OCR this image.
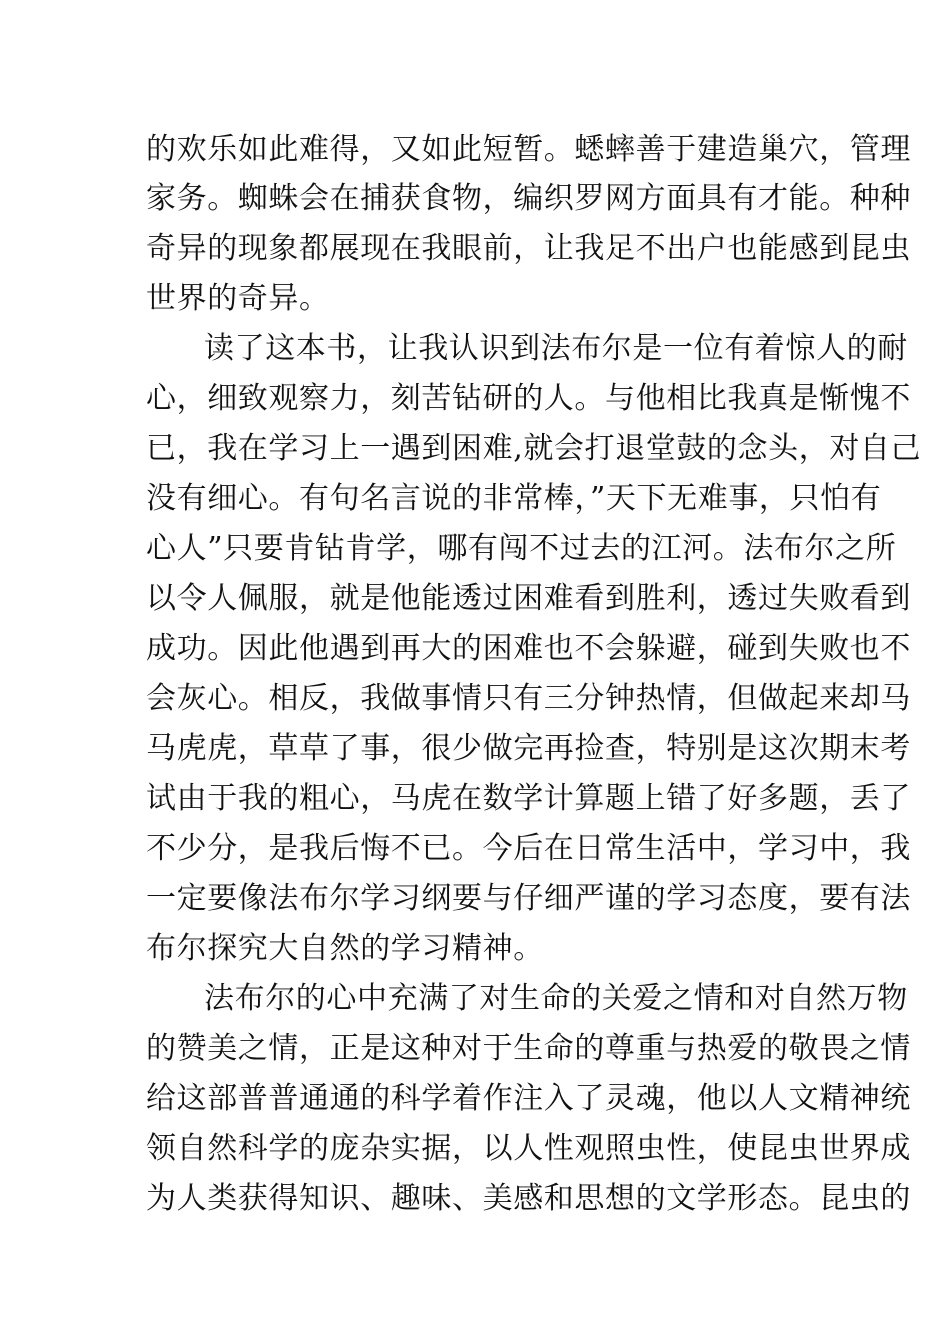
的欢乐如此难得，又如此短暂。蟋蟀善于建造巢穴，管理
家务。蜘蛛会在捕获食物，编织罗网方面具有才能。种种
奇异的现象都展现在我眼前，让我足不出户也能感到昆虫
世界的奇异。
读了这本书，让我认识到法布尔是一位有着惊人的耐
心，细致观察力，刻苦钻研的人。与他相比我真是惭愧不
已，我在学习上一遇到困难,就会打退堂鼓的念头，对自己
没有细心。有句名言说的非常棒，”天下无难事，只怕有
心人”只要肯钻肯学，哪有闯不过去的江河。法布尔之所
以令人佩服，就是他能透过困难看到胜利，透过失败看到
成功。因此他遇到再大的困难也不会躲避，碰到失败也不
会灰心。相反，我做事情只有三分钟热情，但做起来却马
马虎虎，草草了事，很少做完再捡查，特别是这次期末考
试由于我的粗心，马虎在数学计算题上错了好多题，丢了
不少分，是我后悔不已。今后在日常生活中，学习中，我
一定要像法布尔学习纲要与仔细严谨的学习态度，要有法
布尔探究大自然的学习精神。
法布尔的心中充满了对生命的关爱之情和对自然万物
的赞美之情，正是这种对于生命的尊重与热爱的敬畏之情
给这部普普通通的科学着作注入了灵魂，他以人文精神统
领自然科学的庞杂实据，以人性观照虫性，使昆虫世界成
为人类获得知识、趣味、美感和思想的文学形态。昆虫的
